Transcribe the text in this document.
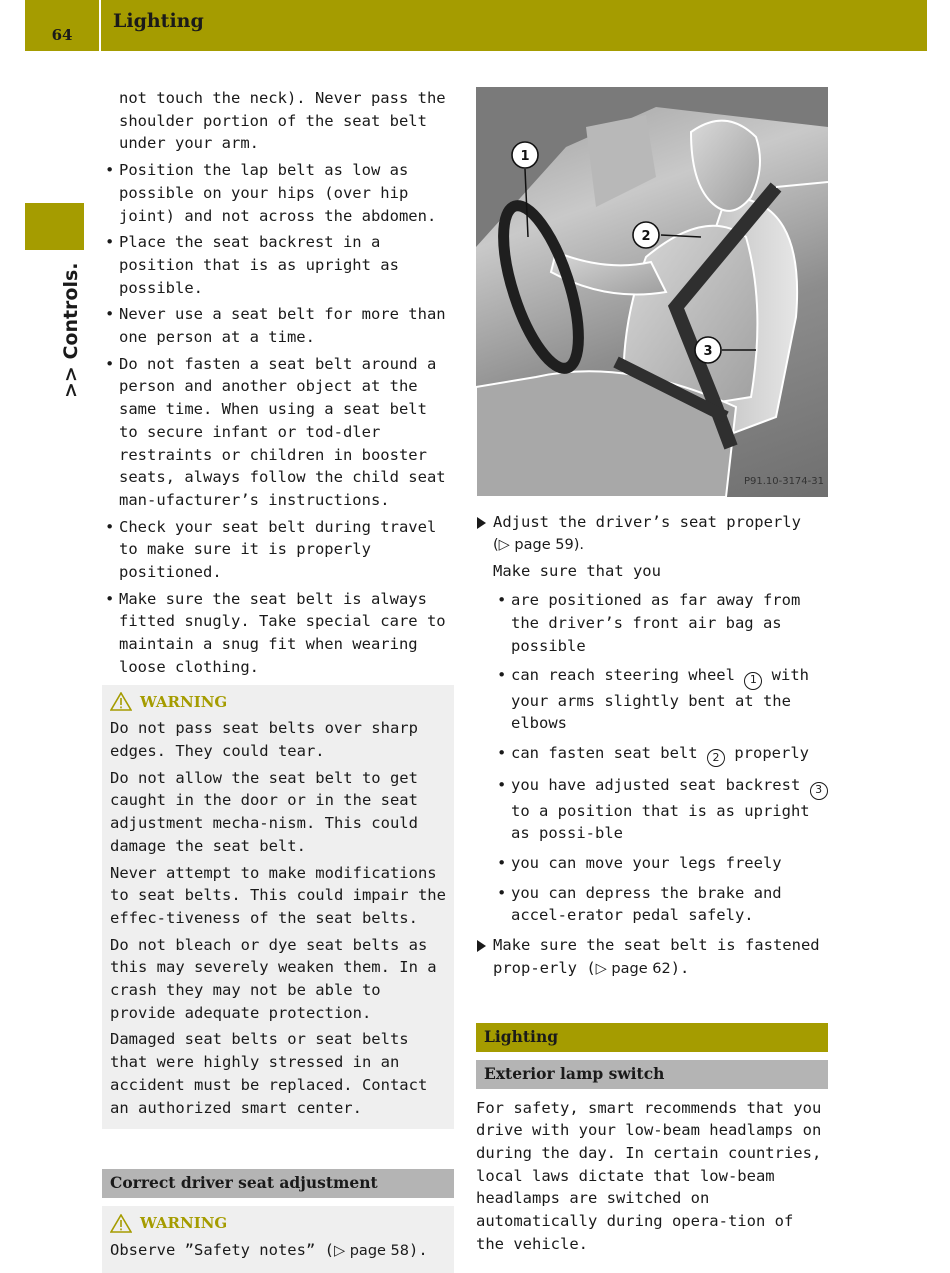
64
Lighting
>> Controls.

not touch the neck). Never pass the shoulder portion of the seat belt under your arm.

• Position the lap belt as low as possible on your hips (over hip joint) and not across the abdomen.
• Place the seat backrest in a position that is as upright as possible.
• Never use a seat belt for more than one person at a time.
• Do not fasten a seat belt around a person and another object at the same time. When using a seat belt to secure infant or tod-dler restraints or children in booster seats, always follow the child seat man-ufacturer’s instructions.
• Check your seat belt during travel to make sure it is properly positioned.
• Make sure the seat belt is always fitted snugly. Take special care to maintain a snug fit when wearing loose clothing.
WARNING

Do not pass seat belts over sharp edges. They could tear.

Do not allow the seat belt to get caught in the door or in the seat adjustment mecha-nism. This could damage the seat belt.

Never attempt to make modifications to seat belts. This could impair the effec-tiveness of the seat belts.

Do not bleach or dye seat belts as this may severely weaken them. In a crash they may not be able to provide adequate protection.

Damaged seat belts or seat belts that were highly stressed in an accident must be replaced. Contact an authorized smart center.

Correct driver seat adjustment
WARNING

Observe ”Safety notes” (▷ page 58).

1
2
3
P91.10-3174-31
Adjust the driver’s seat properly
(▷ page 59).

Make sure that you

• are positioned as far away from the driver’s front air bag as possible
• can reach steering wheel 1 with your arms slightly bent at the elbows
• can fasten seat belt 2 properly
• you have adjusted seat backrest 3 to a position that is as upright as possi-ble
• you can move your legs freely
• you can depress the brake and accel-erator pedal safely.
Make sure the seat belt is fastened prop-erly (▷ page 62).
Lighting
Exterior lamp switch

For safety, smart recommends that you drive with your low-beam headlamps on during the day. In certain countries, local laws dictate that low-beam headlamps are switched on automatically during opera-tion of the vehicle.
